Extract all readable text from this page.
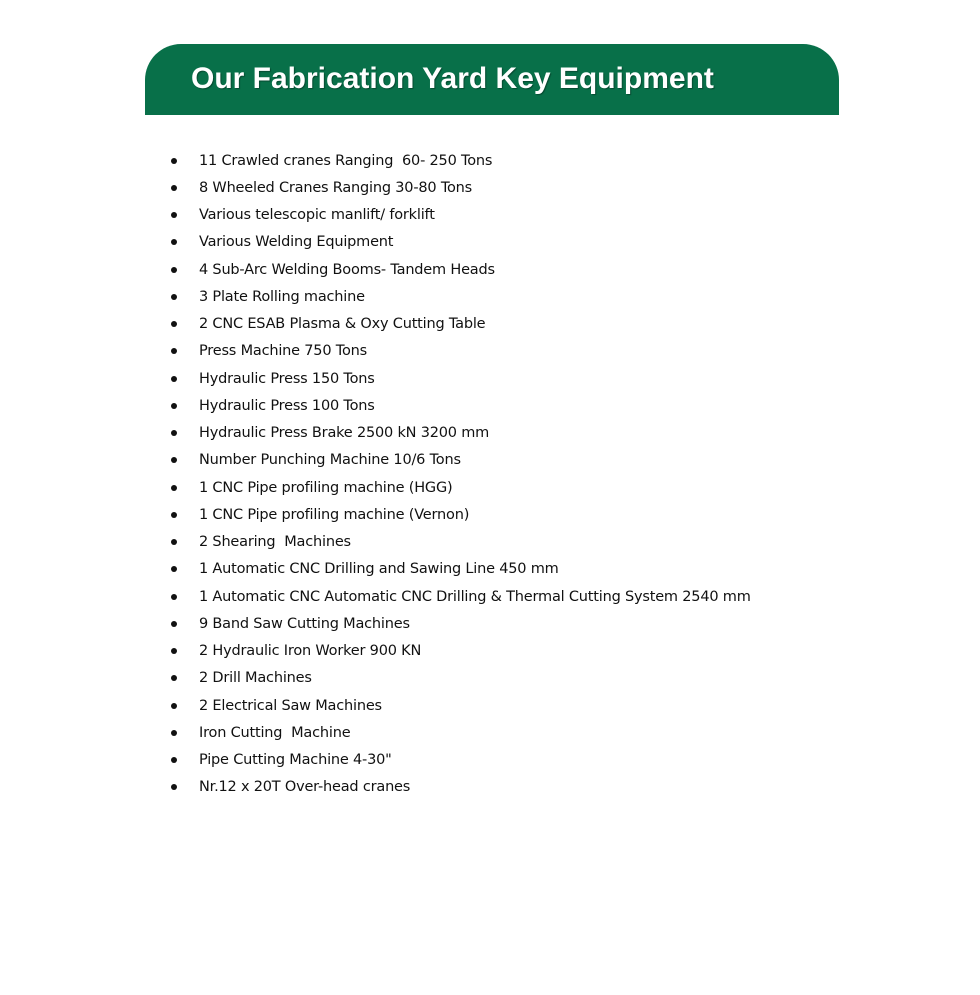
Our Fabrication Yard Key Equipment
11 Crawled cranes Ranging  60- 250 Tons
8 Wheeled Cranes Ranging 30-80 Tons
Various telescopic manlift/ forklift
Various Welding Equipment
4 Sub-Arc Welding Booms- Tandem Heads
3 Plate Rolling machine
2 CNC ESAB Plasma & Oxy Cutting Table
Press Machine 750 Tons
Hydraulic Press 150 Tons
Hydraulic Press 100 Tons
Hydraulic Press Brake 2500 kN 3200 mm
Number Punching Machine 10/6 Tons
1 CNC Pipe profiling machine (HGG)
1 CNC Pipe profiling machine (Vernon)
2 Shearing  Machines
1 Automatic CNC Drilling and Sawing Line 450 mm
1 Automatic CNC Automatic CNC Drilling & Thermal Cutting System 2540 mm
9 Band Saw Cutting Machines
2 Hydraulic Iron Worker 900 KN
2 Drill Machines
2 Electrical Saw Machines
Iron Cutting  Machine
Pipe Cutting Machine 4-30"
Nr.12 x 20T Over-head cranes
